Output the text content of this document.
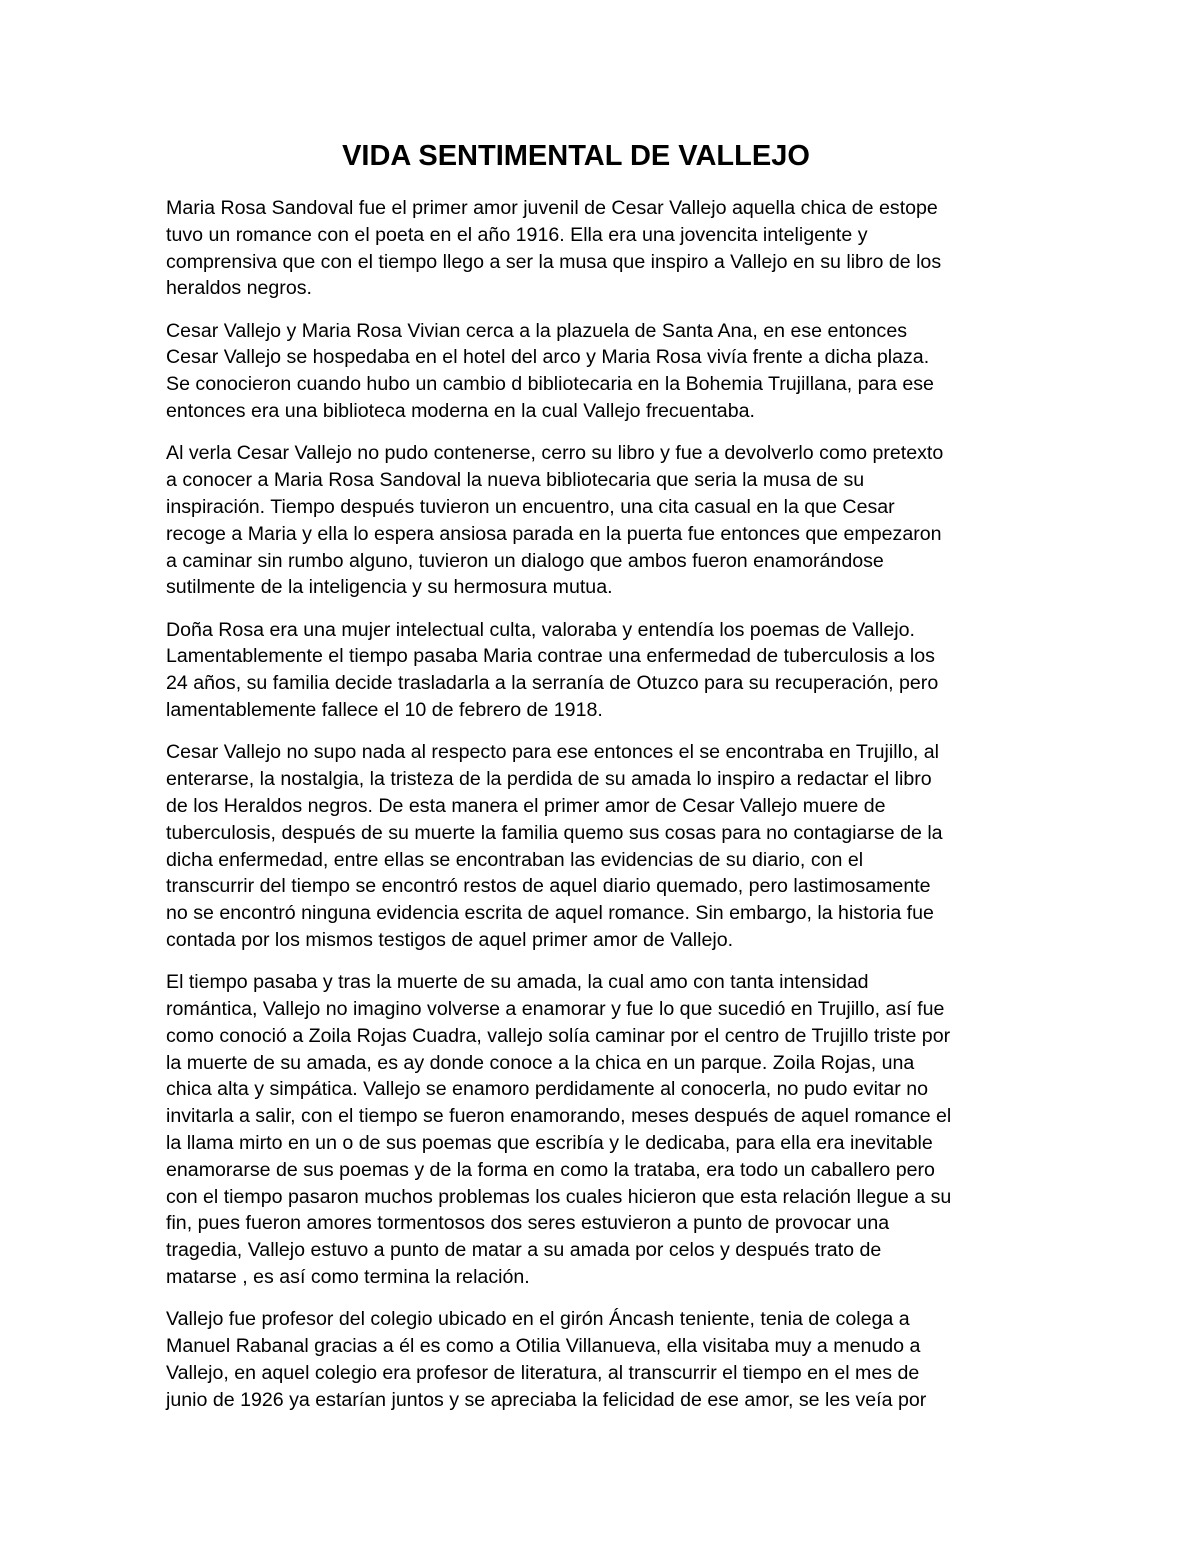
VIDA SENTIMENTAL DE VALLEJO

Maria Rosa Sandoval fue el primer amor juvenil de Cesar Vallejo aquella chica de estope
tuvo un romance con el poeta en el año 1916. Ella era una jovencita inteligente y
comprensiva que con el tiempo llego a ser la musa que inspiro a Vallejo en su libro de los
heraldos negros.

Cesar Vallejo y Maria Rosa Vivian cerca a la plazuela de Santa Ana, en ese entonces
Cesar Vallejo se hospedaba en el hotel del arco y Maria Rosa vivía frente a dicha plaza.
Se conocieron cuando hubo un cambio d bibliotecaria en la Bohemia Trujillana, para ese
entonces era una biblioteca moderna en la cual Vallejo frecuentaba.

Al verla Cesar Vallejo no pudo contenerse, cerro su libro y fue a devolverlo como pretexto
a conocer a Maria Rosa Sandoval la nueva bibliotecaria que seria la musa de su
inspiración. Tiempo después tuvieron un encuentro, una cita casual en la que Cesar
recoge a Maria y ella lo espera ansiosa parada en la puerta fue entonces que empezaron
a caminar sin rumbo alguno, tuvieron un dialogo que ambos fueron enamorándose
sutilmente de la inteligencia y su hermosura mutua.

Doña Rosa era una mujer intelectual culta, valoraba y entendía los poemas de Vallejo.
Lamentablemente el tiempo pasaba Maria contrae una enfermedad de tuberculosis a los
24 años, su familia decide trasladarla a la serranía de Otuzco para su recuperación, pero
lamentablemente fallece el 10 de febrero de 1918.

Cesar Vallejo no supo nada al respecto para ese entonces el se encontraba en Trujillo, al
enterarse, la nostalgia, la tristeza de la perdida de su amada lo inspiro a redactar el libro
de los Heraldos negros. De esta manera el primer amor de Cesar Vallejo muere de
tuberculosis, después de su muerte la familia quemo sus cosas para no contagiarse de la
dicha enfermedad, entre ellas se encontraban las evidencias de su diario, con el
transcurrir del tiempo se encontró restos de aquel diario quemado, pero lastimosamente
no se encontró ninguna evidencia escrita de aquel romance. Sin embargo, la historia fue
contada por los mismos testigos de aquel primer amor de Vallejo.

El tiempo pasaba y tras la muerte de su amada, la cual amo con tanta intensidad
romántica, Vallejo no imagino volverse a enamorar y fue lo que sucedió en Trujillo, así fue
como conoció a Zoila Rojas Cuadra, vallejo solía caminar por el centro de Trujillo triste por
la muerte de su amada, es ay donde conoce a la chica en un parque. Zoila Rojas, una
chica alta y simpática. Vallejo se enamoro perdidamente al conocerla, no pudo evitar no
invitarla a salir, con el tiempo se fueron enamorando, meses después de aquel romance el
la llama mirto en un o de sus poemas que escribía y le dedicaba, para ella era inevitable
enamorarse de sus poemas y de la forma en como la trataba, era todo un caballero pero
con el tiempo pasaron muchos problemas los cuales hicieron que esta relación llegue a su
fin, pues fueron amores tormentosos dos seres estuvieron a punto de provocar una
tragedia, Vallejo estuvo a punto de matar a su amada por celos y después trato de
matarse , es así como termina la relación.

Vallejo fue profesor del colegio ubicado en el girón Áncash teniente, tenia de colega a
Manuel Rabanal gracias a él es como a Otilia Villanueva, ella visitaba muy a menudo a
Vallejo, en aquel colegio era profesor de literatura, al transcurrir el tiempo en el mes de
junio de 1926 ya estarían juntos y se apreciaba la felicidad de ese amor, se les veía por
